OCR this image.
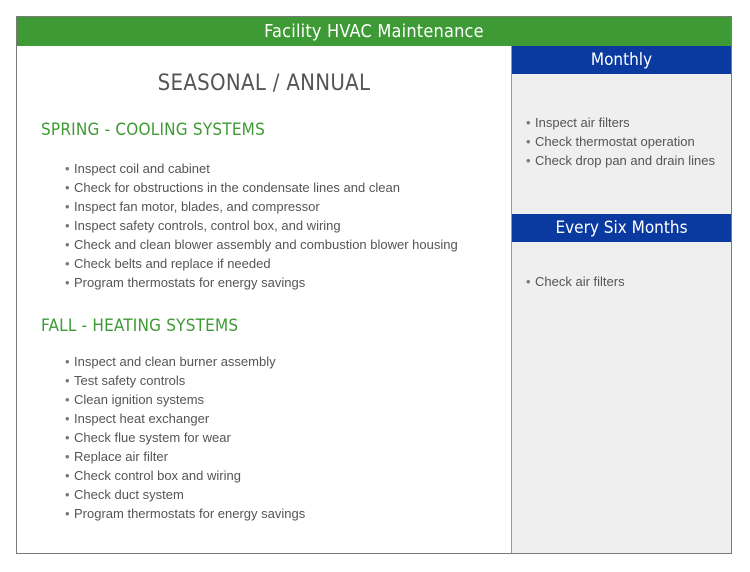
Facility HVAC Maintenance
SEASONAL / ANNUAL
SPRING - COOLING SYSTEMS
• Inspect coil and cabinet
• Check for obstructions in the condensate lines and clean
• Inspect fan motor, blades, and compressor
• Inspect safety controls, control box, and wiring
• Check and clean blower assembly and combustion blower housing
• Check belts and replace if needed
• Program thermostats for energy savings
FALL - HEATING SYSTEMS
• Inspect and clean burner assembly
• Test safety controls
• Clean ignition systems
• Inspect heat exchanger
• Check flue system for wear
• Replace air filter
• Check control box and wiring
• Check duct system
• Program thermostats for energy savings
Monthly
• Inspect air filters
• Check thermostat operation
• Check drop pan and drain lines
Every Six Months
• Check air filters
